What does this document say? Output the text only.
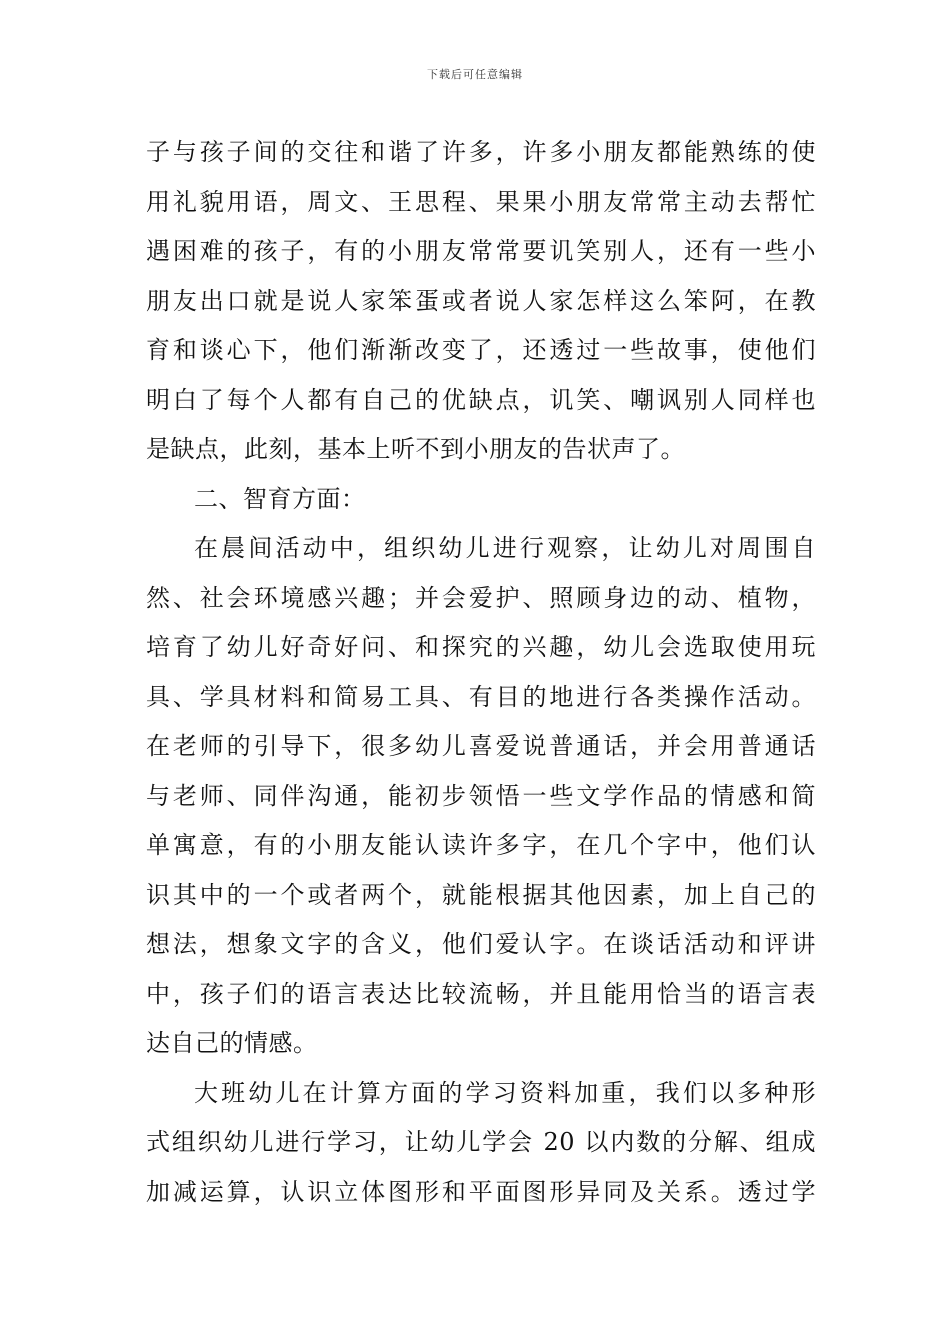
下载后可任意编辑
子与孩子间的交往和谐了许多，许多小朋友都能熟练的使
用礼貌用语，周文、王思程、果果小朋友常常主动去帮忙
遇困难的孩子，有的小朋友常常要讥笑别人，还有一些小
朋友出口就是说人家笨蛋或者说人家怎样这么笨阿，在教
育和谈心下，他们渐渐改变了，还透过一些故事，使他们
明白了每个人都有自己的优缺点，讥笑、嘲讽别人同样也
是缺点，此刻，基本上听不到小朋友的告状声了。
二、智育方面：
在晨间活动中，组织幼儿进行观察，让幼儿对周围自
然、社会环境感兴趣；并会爱护、照顾身边的动、植物，
培育了幼儿好奇好问、和探究的兴趣，幼儿会选取使用玩
具、学具材料和简易工具、有目的地进行各类操作活动。
在老师的引导下，很多幼儿喜爱说普通话，并会用普通话
与老师、同伴沟通，能初步领悟一些文学作品的情感和简
单寓意，有的小朋友能认读许多字，在几个字中，他们认
识其中的一个或者两个，就能根据其他因素，加上自己的
想法，想象文字的含义，他们爱认字。在谈话活动和评讲
中，孩子们的语言表达比较流畅，并且能用恰当的语言表
达自己的情感。
大班幼儿在计算方面的学习资料加重，我们以多种形
式组织幼儿进行学习，让幼儿学会 20 以内数的分解、组成
加减运算，认识立体图形和平面图形异同及关系。透过学
